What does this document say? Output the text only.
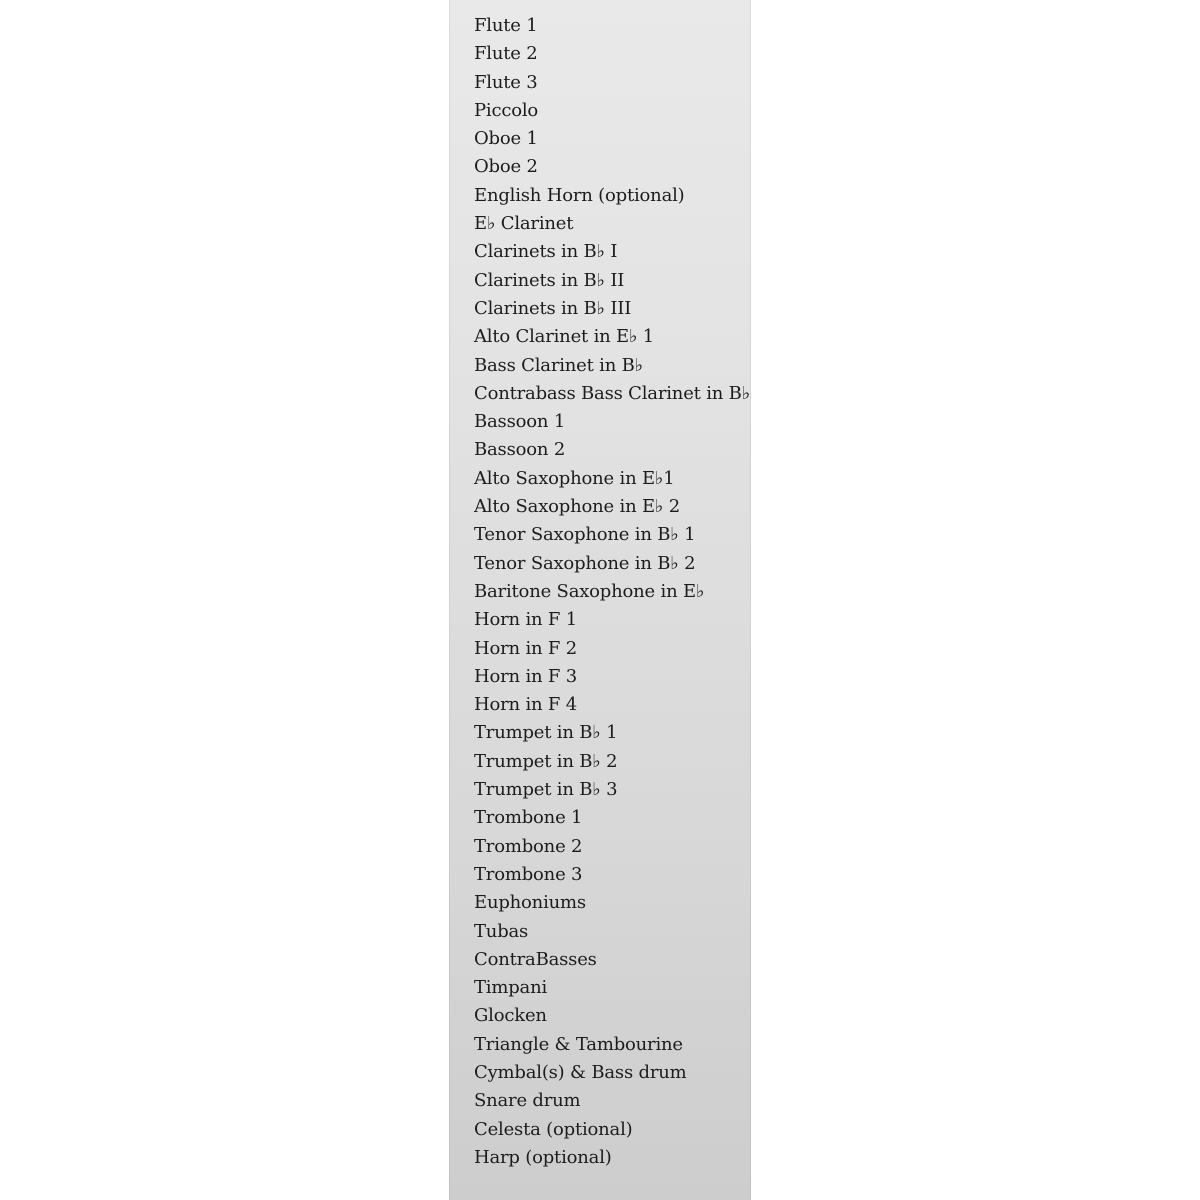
Flute 1
Flute 2
Flute 3
Piccolo
Oboe 1
Oboe 2
English Horn (optional)
E♭ Clarinet
Clarinets in B♭ I
Clarinets in B♭ II
Clarinets in B♭ III
Alto Clarinet in E♭ 1
Bass Clarinet in B♭
Contrabass Bass Clarinet in B♭
Bassoon 1
Bassoon 2
Alto Saxophone in E♭1
Alto Saxophone in E♭ 2
Tenor Saxophone in B♭ 1
Tenor Saxophone in B♭ 2
Baritone Saxophone in E♭
Horn in F 1
Horn in F 2
Horn in F 3
Horn in F 4
Trumpet in B♭ 1
Trumpet in B♭ 2
Trumpet in B♭ 3
Trombone 1
Trombone 2
Trombone 3
Euphoniums
Tubas
ContraBasses
Timpani
Glocken
Triangle & Tambourine
Cymbal(s) & Bass drum
Snare drum
Celesta (optional)
Harp (optional)
